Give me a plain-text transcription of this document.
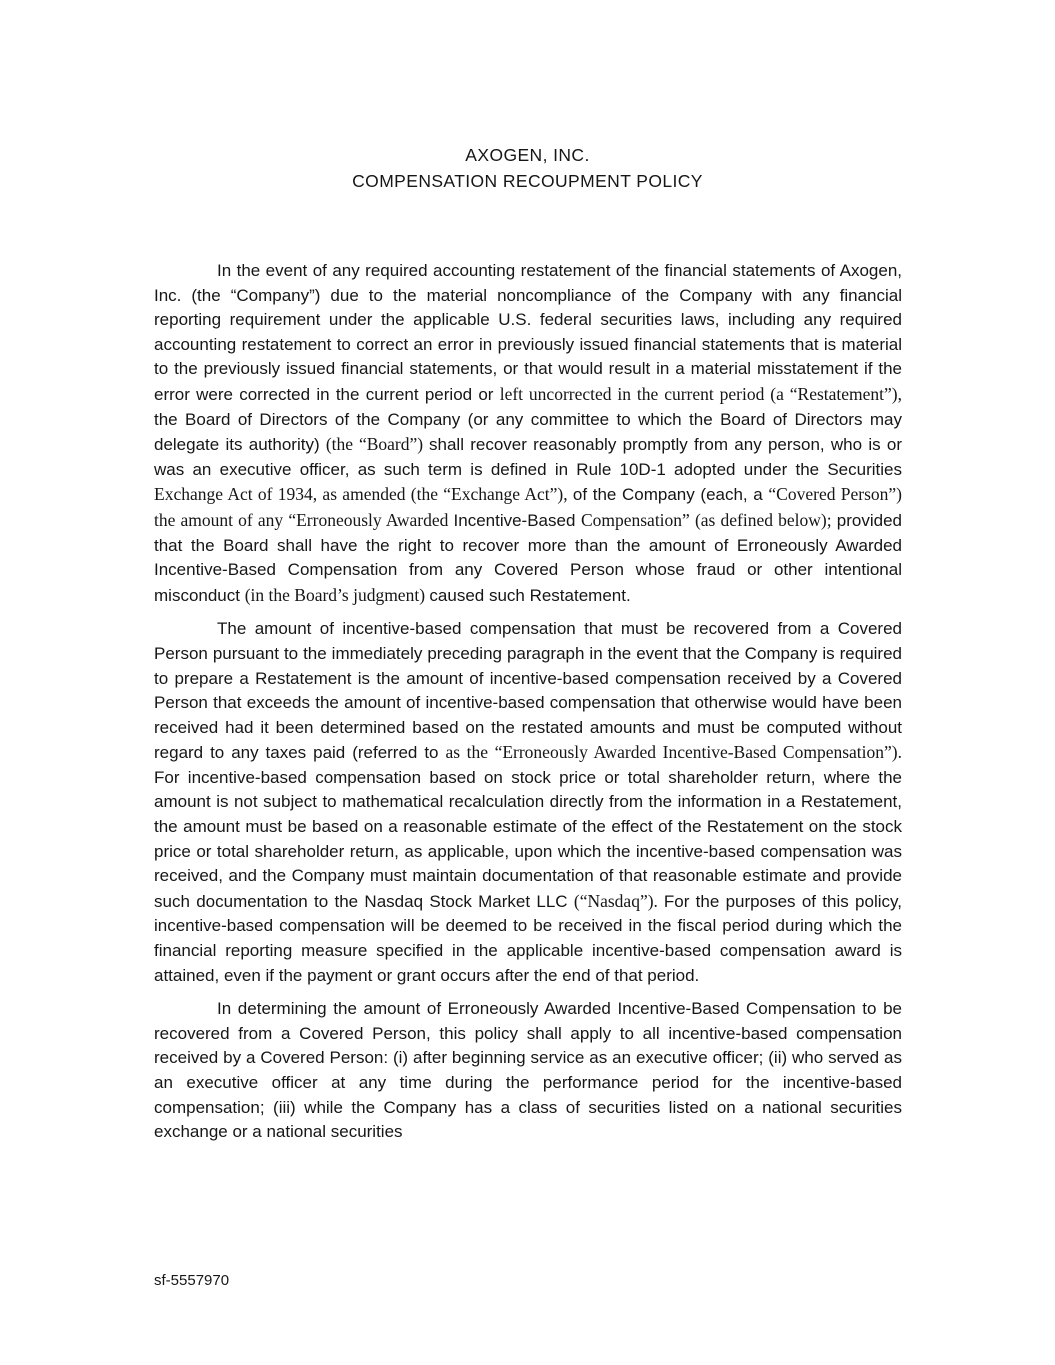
AXOGEN, INC.
COMPENSATION RECOUPMENT POLICY

In the event of any required accounting restatement of the financial statements of Axogen, Inc. (the “Company”) due to the material noncompliance of the Company with any financial reporting requirement under the applicable U.S. federal securities laws, including any required accounting restatement to correct an error in previously issued financial statements that is material to the previously issued financial statements, or that would result in a material misstatement if the error were corrected in the current period or left uncorrected in the current period (a “Restatement”), the Board of Directors of the Company (or any committee to which the Board of Directors may delegate its authority) (the “Board”) shall recover reasonably promptly from any person, who is or was an executive officer, as such term is defined in Rule 10D-1 adopted under the Securities Exchange Act of 1934, as amended (the “Exchange Act”), of the Company (each, a “Covered Person”) the amount of any “Erroneously Awarded Incentive-Based Compensation” (as defined below); provided that the Board shall have the right to recover more than the amount of Erroneously Awarded Incentive-Based Compensation from any Covered Person whose fraud or other intentional misconduct (in the Board’s judgment) caused such Restatement.

The amount of incentive-based compensation that must be recovered from a Covered Person pursuant to the immediately preceding paragraph in the event that the Company is required to prepare a Restatement is the amount of incentive-based compensation received by a Covered Person that exceeds the amount of incentive-based compensation that otherwise would have been received had it been determined based on the restated amounts and must be computed without regard to any taxes paid (referred to as the “Erroneously Awarded Incentive-Based Compensation”). For incentive-based compensation based on stock price or total shareholder return, where the amount is not subject to mathematical recalculation directly from the information in a Restatement, the amount must be based on a reasonable estimate of the effect of the Restatement on the stock price or total shareholder return, as applicable, upon which the incentive-based compensation was received, and the Company must maintain documentation of that reasonable estimate and provide such documentation to the Nasdaq Stock Market LLC (“Nasdaq”). For the purposes of this policy, incentive-based compensation will be deemed to be received in the fiscal period during which the financial reporting measure specified in the applicable incentive-based compensation award is attained, even if the payment or grant occurs after the end of that period.

In determining the amount of Erroneously Awarded Incentive-Based Compensation to be recovered from a Covered Person, this policy shall apply to all incentive-based compensation received by a Covered Person: (i) after beginning service as an executive officer; (ii) who served as an executive officer at any time during the performance period for the incentive-based compensation; (iii) while the Company has a class of securities listed on a national securities exchange or a national securities

sf-5557970
